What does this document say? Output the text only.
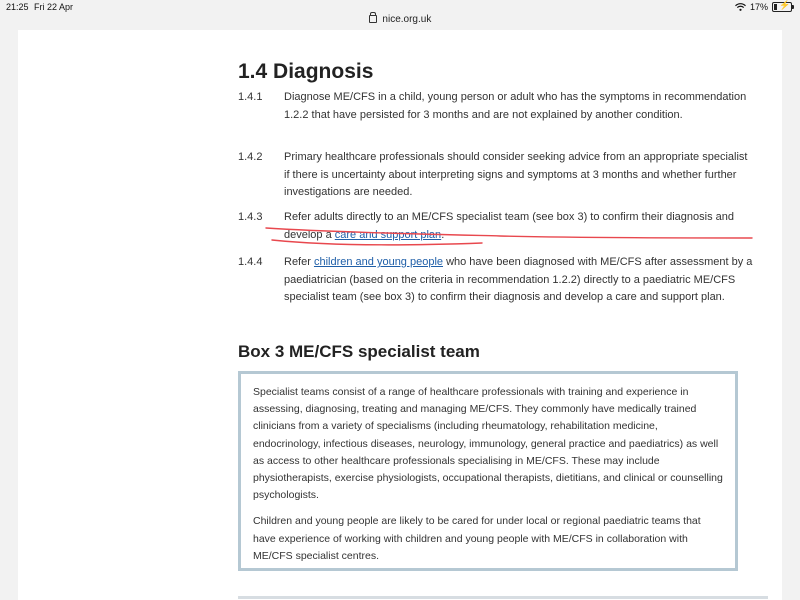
21:25 Fri 22 Apr	17% ⚡
nice.org.uk
1.4 Diagnosis
1.4.1 Diagnose ME/CFS in a child, young person or adult who has the symptoms in recommendation 1.2.2 that have persisted for 3 months and are not explained by another condition.
1.4.2 Primary healthcare professionals should consider seeking advice from an appropriate specialist if there is uncertainty about interpreting signs and symptoms at 3 months and whether further investigations are needed.
1.4.3 Refer adults directly to an ME/CFS specialist team (see box 3) to confirm their diagnosis and develop a care and support plan.
1.4.4 Refer children and young people who have been diagnosed with ME/CFS after assessment by a paediatrician (based on the criteria in recommendation 1.2.2) directly to a paediatric ME/CFS specialist team (see box 3) to confirm their diagnosis and develop a care and support plan.
Box 3 ME/CFS specialist team

Specialist teams consist of a range of healthcare professionals with training and experience in assessing, diagnosing, treating and managing ME/CFS. They commonly have medically trained clinicians from a variety of specialisms (including rheumatology, rehabilitation medicine, endocrinology, infectious diseases, neurology, immunology, general practice and paediatrics) as well as access to other healthcare professionals specialising in ME/CFS. These may include physiotherapists, exercise physiologists, occupational therapists, dietitians, and clinical or counselling psychologists.

Children and young people are likely to be cared for under local or regional paediatric teams that have experience of working with children and young people with ME/CFS in collaboration with ME/CFS specialist centres.
